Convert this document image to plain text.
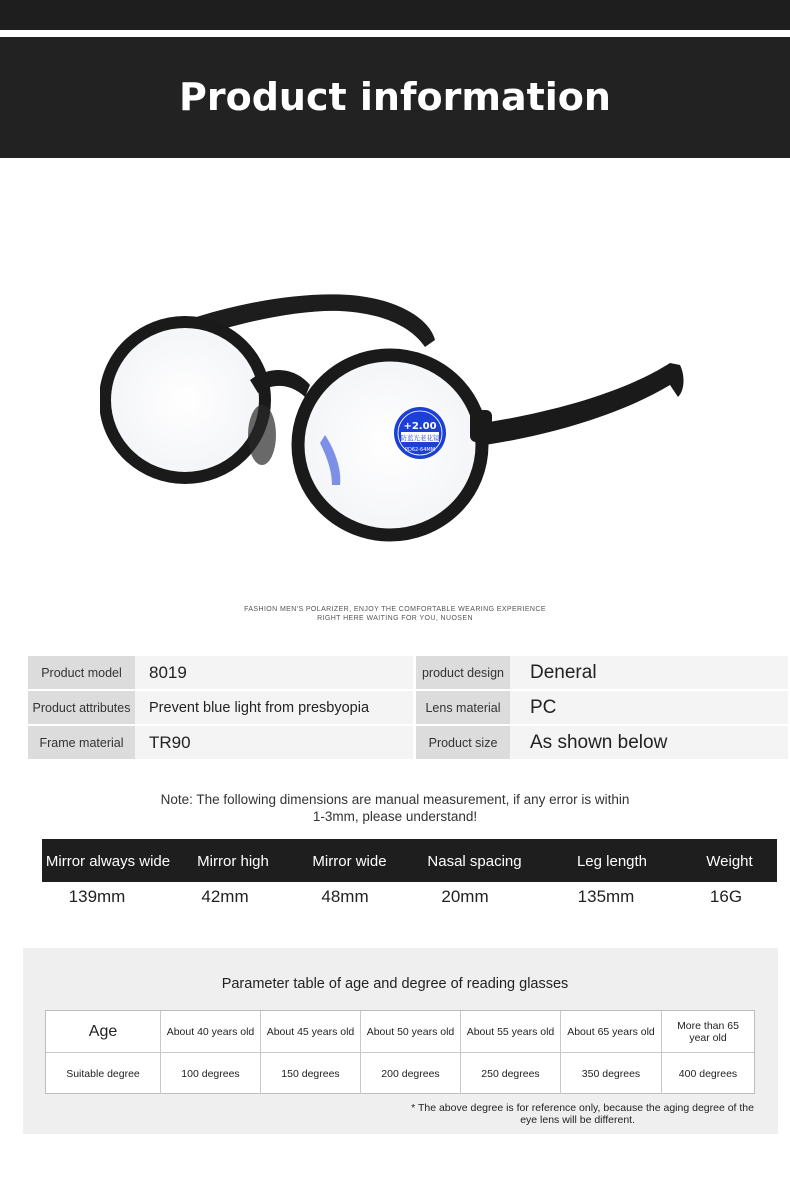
Product information
+2.00
防蓝光老花镜
PD62-64MM
FASHION MEN'S POLARIZER, ENJOY THE COMFORTABLE WEARING EXPERIENCE
RIGHT HERE WAITING FOR YOU, NUOSEN
Product model	8019	product design	Deneral
Product attributes	Prevent blue light from presbyopia	Lens material	PC
Frame material	TR90	Product size	As shown below
Note: The following dimensions are manual measurement, if any error is within
1-3mm, please understand!
Mirror always wide	Mirror high	Mirror wide	Nasal spacing	Leg length	Weight
139mm	42mm	48mm	20mm	135mm	16G
Parameter table of age and degree of reading glasses
Age	About 40 years old	About 45 years old	About 50 years old	About 55 years old	About 65 years old	More than 65 year old
Suitable degree	100 degrees	150 degrees	200 degrees	250 degrees	350 degrees	400 degrees
* The above degree is for reference only, because the aging degree of the
eye lens will be different.
